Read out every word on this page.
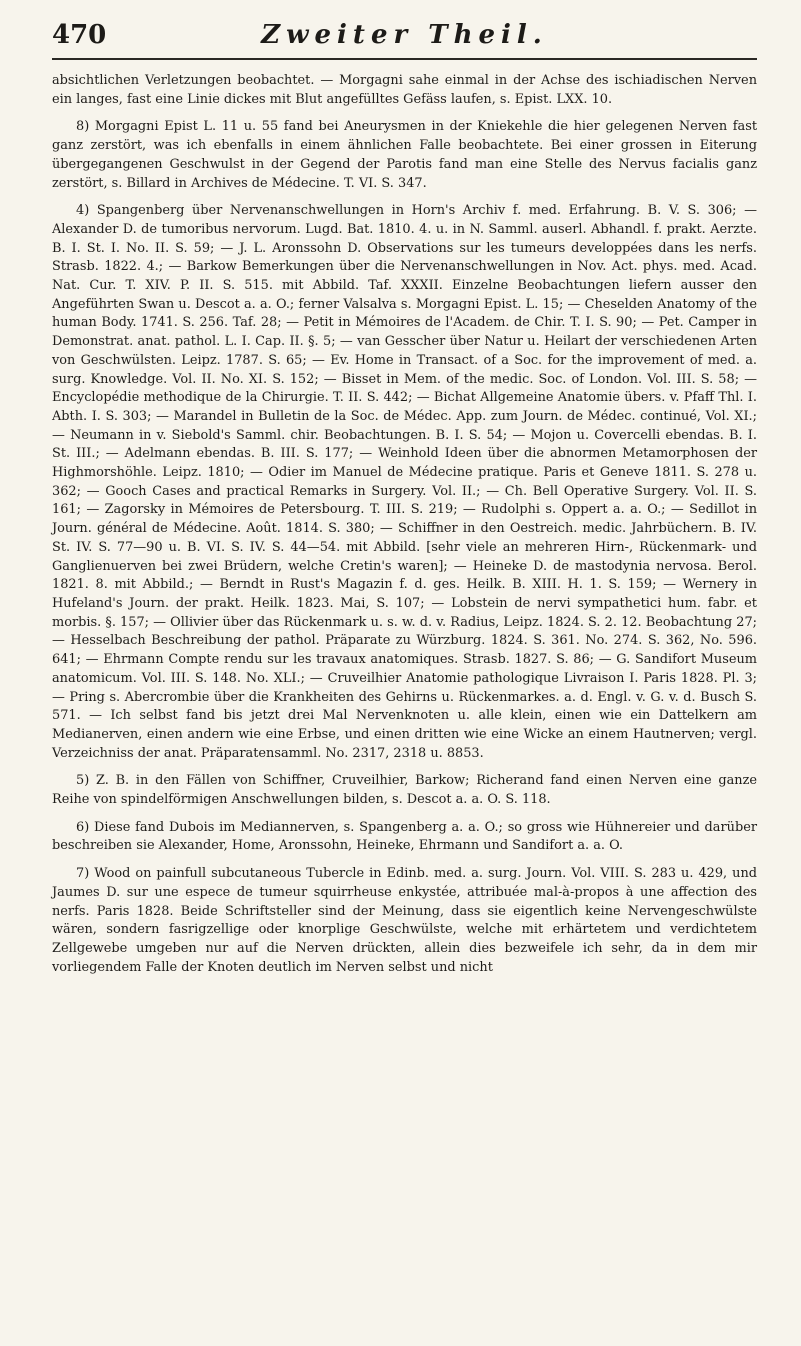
470	Zweiter Theil.

absichtlichen Verletzungen beobachtet. — Morgagni sahe einmal in der Achse des ischiadischen Nerven ein langes, fast eine Linie dickes mit Blut angefülltes Gefäss laufen, s. Epist. LXX. 10.

8) Morgagni Epist L. 11 u. 55 fand bei Aneurysmen in der Kniekehle die hier gelegenen Nerven fast ganz zerstört, was ich ebenfalls in einem ähnlichen Falle beobachtete. Bei einer grossen in Eiterung übergegangenen Geschwulst in der Gegend der Parotis fand man eine Stelle des Nervus facialis ganz zerstört, s. Billard in Archives de Médecine. T. VI. S. 347.

4) Spangenberg über Nervenanschwellungen in Horn's Archiv f. med. Erfahrung. B. V. S. 306; — Alexander D. de tumoribus nervorum. Lugd. Bat. 1810. 4. u. in N. Samml. auserl. Abhandl. f. prakt. Aerzte. B. I. St. I. No. II. S. 59; — J. L. Aronssohn D. Observations sur les tumeurs developpées dans les nerfs. Strasb. 1822. 4.; — Barkow Bemerkungen über die Nervenanschwellungen in Nov. Act. phys. med. Acad. Nat. Cur. T. XIV. P. II. S. 515. mit Abbild. Taf. XXXII. Einzelne Beobachtungen liefern ausser den Angeführten Swan u. Descot a. a. O.; ferner Valsalva s. Morgagni Epist. L. 15; — Cheselden Anatomy of the human Body. 1741. S. 256. Taf. 28; — Petit in Mémoires de l'Academ. de Chir. T. I. S. 90; — Pet. Camper in Demonstrat. anat. pathol. L. I. Cap. II. §. 5; — van Gesscher über Natur u. Heilart der verschiedenen Arten von Geschwülsten. Leipz. 1787. S. 65; — Ev. Home in Transact. of a Soc. for the improvement of med. a. surg. Knowledge. Vol. II. No. XI. S. 152; — Bisset in Mem. of the medic. Soc. of London. Vol. III. S. 58; — Encyclopédie methodique de la Chirurgie. T. II. S. 442; — Bichat Allgemeine Anatomie übers. v. Pfaff Thl. I. Abth. I. S. 303; — Marandel in Bulletin de la Soc. de Médec. App. zum Journ. de Médec. continué, Vol. XI.; — Neumann in v. Siebold's Samml. chir. Beobachtungen. B. I. S. 54; — Mojon u. Covercelli ebendas. B. I. St. III.; — Adelmann ebendas. B. III. S. 177; — Weinhold Ideen über die abnormen Metamorphosen der Highmorshöhle. Leipz. 1810; — Odier im Manuel de Médecine pratique. Paris et Geneve 1811. S. 278 u. 362; — Gooch Cases and practical Remarks in Surgery. Vol. II.; — Ch. Bell Operative Surgery. Vol. II. S. 161; — Zagorsky in Mémoires de Petersbourg. T. III. S. 219; — Rudolphi s. Oppert a. a. O.; — Sedillot in Journ. général de Médecine. Août. 1814. S. 380; — Schiffner in den Oestreich. medic. Jahrbüchern. B. IV. St. IV. S. 77—90 u. B. VI. S. IV. S. 44—54. mit Abbild. [sehr viele an mehreren Hirn-, Rückenmark- und Ganglienuerven bei zwei Brüdern, welche Cretin's waren]; — Heineke D. de mastodynia nervosa. Berol. 1821. 8. mit Abbild.; — Berndt in Rust's Magazin f. d. ges. Heilk. B. XIII. H. 1. S. 159; — Wernery in Hufeland's Journ. der prakt. Heilk. 1823. Mai, S. 107; — Lobstein de nervi sympathetici hum. fabr. et morbis. §. 157; — Ollivier über das Rückenmark u. s. w. d. v. Radius, Leipz. 1824. S. 2. 12. Beobachtung 27; — Hesselbach Beschreibung der pathol. Präparate zu Würzburg. 1824. S. 361. No. 274. S. 362, No. 596. 641; — Ehrmann Compte rendu sur les travaux anatomiques. Strasb. 1827. S. 86; — G. Sandifort Museum anatomicum. Vol. III. S. 148. No. XLI.; — Cruveilhier Anatomie pathologique Livraison I. Paris 1828. Pl. 3; — Pring s. Abercrombie über die Krankheiten des Gehirns u. Rückenmarkes. a. d. Engl. v. G. v. d. Busch S. 571. — Ich selbst fand bis jetzt drei Mal Nervenknoten u. alle klein, einen wie ein Dattelkern am Medianerven, einen andern wie eine Erbse, und einen dritten wie eine Wicke an einem Hautnerven; vergl. Verzeichniss der anat. Präparatensamml. No. 2317, 2318 u. 8853.

5) Z. B. in den Fällen von Schiffner, Cruveilhier, Barkow; Richerand fand einen Nerven eine ganze Reihe von spindelförmigen Anschwellungen bilden, s. Descot a. a. O. S. 118.

6) Diese fand Dubois im Mediannerven, s. Spangenberg a. a. O.; so gross wie Hühnereier und darüber beschreiben sie Alexander, Home, Aronssohn, Heineke, Ehrmann und Sandifort a. a. O.

7) Wood on painfull subcutaneous Tubercle in Edinb. med. a. surg. Journ. Vol. VIII. S. 283 u. 429, und Jaumes D. sur une espece de tumeur squirrheuse enkystée, attribuée mal-à-propos à une affection des nerfs. Paris 1828. Beide Schriftsteller sind der Meinung, dass sie eigentlich keine Nervengeschwülste wären, sondern fasrigzellige oder knorplige Geschwülste, welche mit erhärtetem und verdichtetem Zellgewebe umgeben nur auf die Nerven drückten, allein dies bezweifele ich sehr, da in dem mir vorliegendem Falle der Knoten deutlich im Nerven selbst und nicht
